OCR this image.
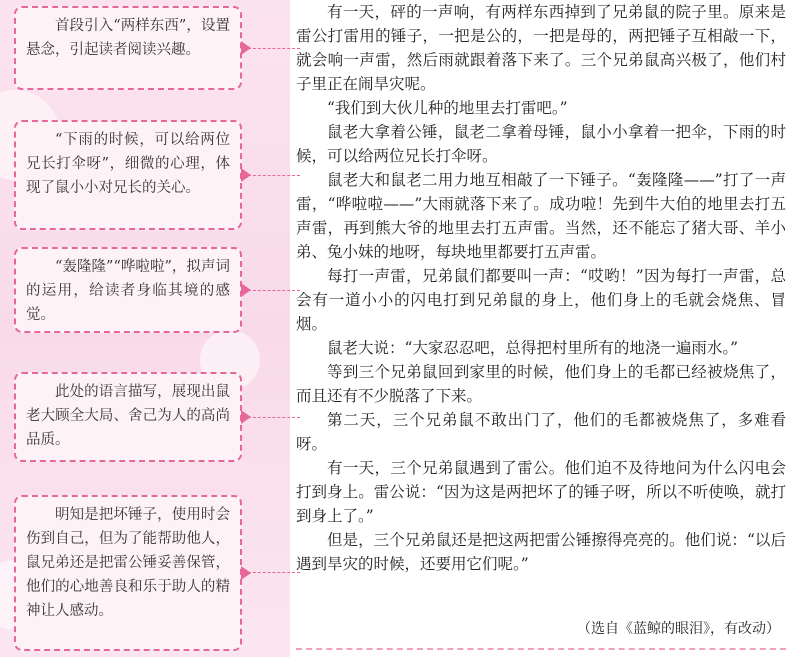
首段引入“两样东西”，设置悬念，引起读者阅读兴趣。

“下雨的时候，可以给两位兄长打伞呀”，细微的心理，体现了鼠小小对兄长的关心。

“轰隆隆”“哗啦啦”，拟声词的运用，给读者身临其境的感觉。

此处的语言描写，展现出鼠老大顾全大局、舍己为人的高尚品质。

明知是把坏锤子，使用时会伤到自己，但为了能帮助他人，鼠兄弟还是把雷公锤妥善保管，他们的心地善良和乐于助人的精神让人感动。

有一天，砰的一声响，有两样东西掉到了兄弟鼠的院子里。原来是雷公打雷用的锤子，一把是公的，一把是母的，两把锤子互相敲一下，就会响一声雷，然后雨就跟着落下来了。三个兄弟鼠高兴极了，他们村子里正在闹旱灾呢。

“我们到大伙儿种的地里去打雷吧。”

鼠老大拿着公锤，鼠老二拿着母锤，鼠小小拿着一把伞，下雨的时候，可以给两位兄长打伞呀。

鼠老大和鼠老二用力地互相敲了一下锤子。“轰隆隆——”打了一声雷，“哗啦啦——”大雨就落下来了。成功啦！先到牛大伯的地里去打五声雷，再到熊大爷的地里去打五声雷。当然，还不能忘了猪大哥、羊小弟、兔小妹的地呀，每块地里都要打五声雷。

每打一声雷，兄弟鼠们都要叫一声：“哎哟！”因为每打一声雷，总会有一道小小的闪电打到兄弟鼠的身上，他们身上的毛就会烧焦、冒烟。

鼠老大说：“大家忍忍吧，总得把村里所有的地浇一遍雨水。”

等到三个兄弟鼠回到家里的时候，他们身上的毛都已经被烧焦了，而且还有不少脱落了下来。

第二天，三个兄弟鼠不敢出门了，他们的毛都被烧焦了，多难看呀。

有一天，三个兄弟鼠遇到了雷公。他们迫不及待地问为什么闪电会打到身上。雷公说：“因为这是两把坏了的锤子呀，所以不听使唤，就打到身上了。”

但是，三个兄弟鼠还是把这两把雷公锤擦得亮亮的。他们说：“以后遇到旱灾的时候，还要用它们呢。”

（选自《蓝鲸的眼泪》，有改动）
